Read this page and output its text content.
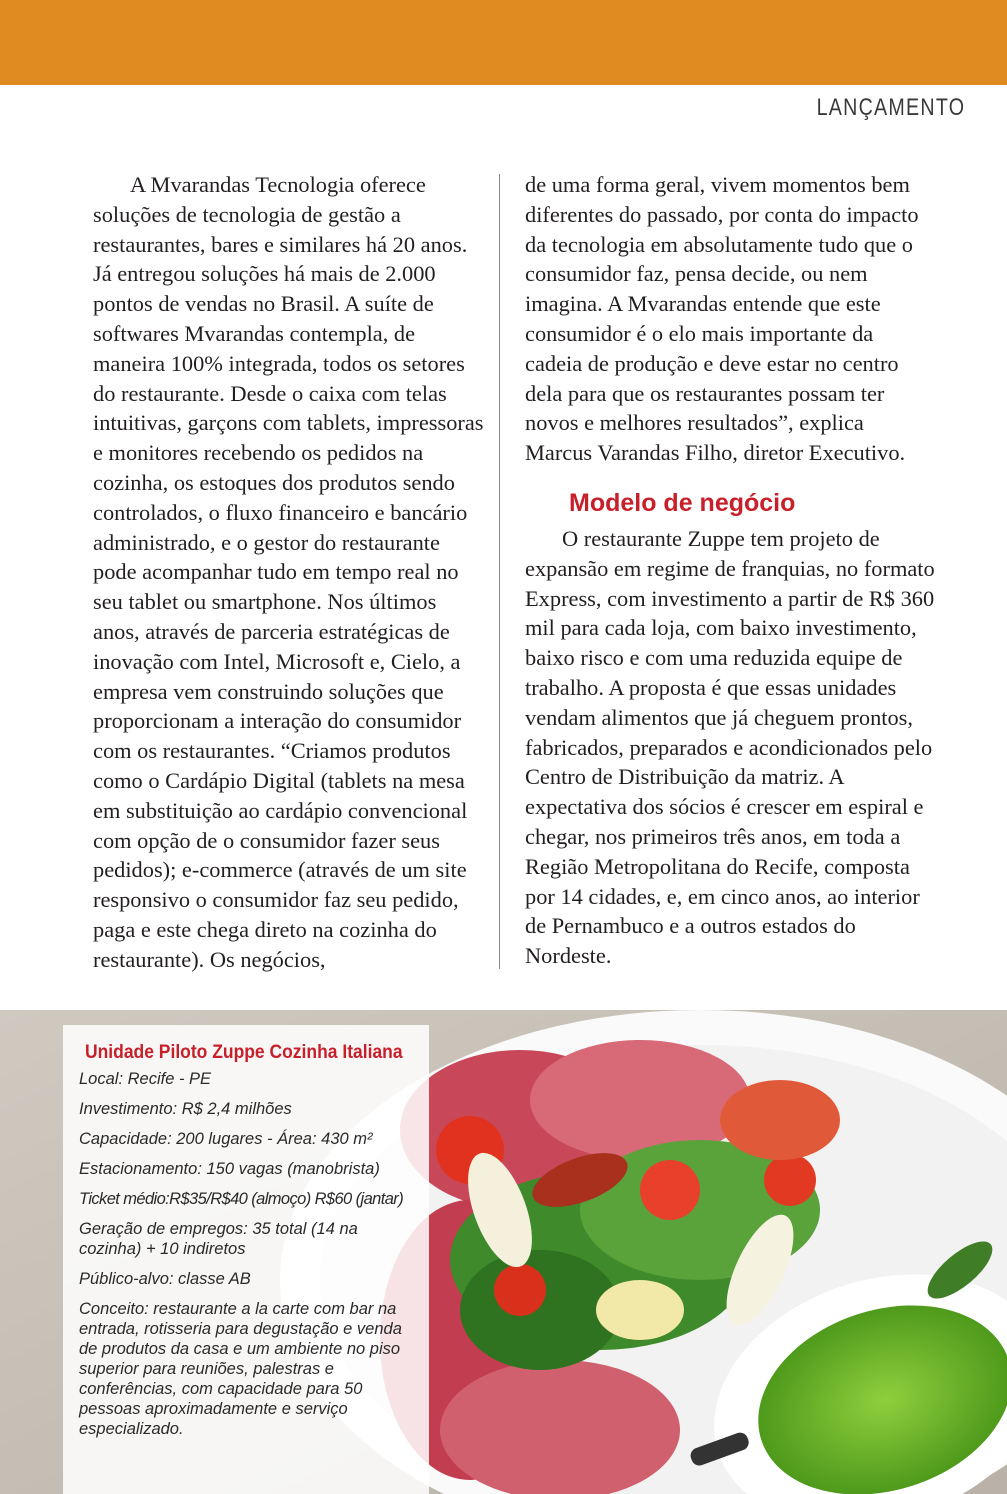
LANÇAMENTO

A Mvarandas Tecnologia oferece soluções de tecnologia de gestão a restaurantes, bares e similares há 20 anos. Já entregou soluções há mais de 2.000 pontos de vendas no Brasil. A suíte de softwares Mvarandas contempla, de maneira 100% integrada, todos os setores do restaurante. Desde o caixa com telas intuitivas, garçons com tablets, impressoras e monitores recebendo os pedidos na cozinha, os estoques dos produtos sendo controlados, o fluxo financeiro e bancário administrado, e o gestor do restaurante pode acompanhar tudo em tempo real no seu tablet ou smartphone. Nos últimos anos, através de parceria estratégicas de inovação com Intel, Microsoft e, Cielo, a empresa vem construindo soluções que proporcionam a interação do consumidor com os restaurantes. “Criamos produtos como o Cardápio Digital (tablets na mesa em substituição ao cardápio convencional com opção de o consumidor fazer seus pedidos); e-commerce (através de um site responsivo o consumidor faz seu pedido, paga e este chega direto na cozinha do restaurante). Os negócios,

de uma forma geral, vivem momentos bem diferentes do passado, por conta do impacto da tecnologia em absolutamente tudo que o consumidor faz, pensa decide, ou nem imagina. A Mvarandas entende que este consumidor é o elo mais importante da cadeia de produção e deve estar no centro dela para que os restaurantes possam ter novos e melhores resultados”, explica Marcus Varandas Filho, diretor Executivo.

Modelo de negócio

O restaurante Zuppe tem projeto de expansão em regime de franquias, no formato Express, com investimento a partir de R$ 360 mil para cada loja, com baixo investimento, baixo risco e com uma reduzida equipe de trabalho. A proposta é que essas unidades vendam alimentos que já cheguem prontos, fabricados, preparados e acondicionados pelo Centro de Distribuição da matriz. A expectativa dos sócios é crescer em espiral e chegar, nos primeiros três anos, em toda a Região Metropolitana do Recife, composta por 14 cidades, e, em cinco anos, ao interior de Pernambuco e a outros estados do Nordeste.

Unidade Piloto Zuppe Cozinha Italiana

Local: Recife - PE

Investimento: R$ 2,4 milhões

Capacidade: 200 lugares - Área: 430 m²

Estacionamento: 150 vagas (manobrista)

Ticket médio:R$35/R$40 (almoço) R$60 (jantar)

Geração de empregos: 35 total (14 na cozinha) + 10 indiretos

Público-alvo: classe AB

Conceito: restaurante a la carte com bar na entrada, rotisseria para degustação e venda de produtos da casa e um ambiente no piso superior para reuniões, palestras e conferências, com capacidade para 50 pessoas aproximadamente e serviço especializado.
